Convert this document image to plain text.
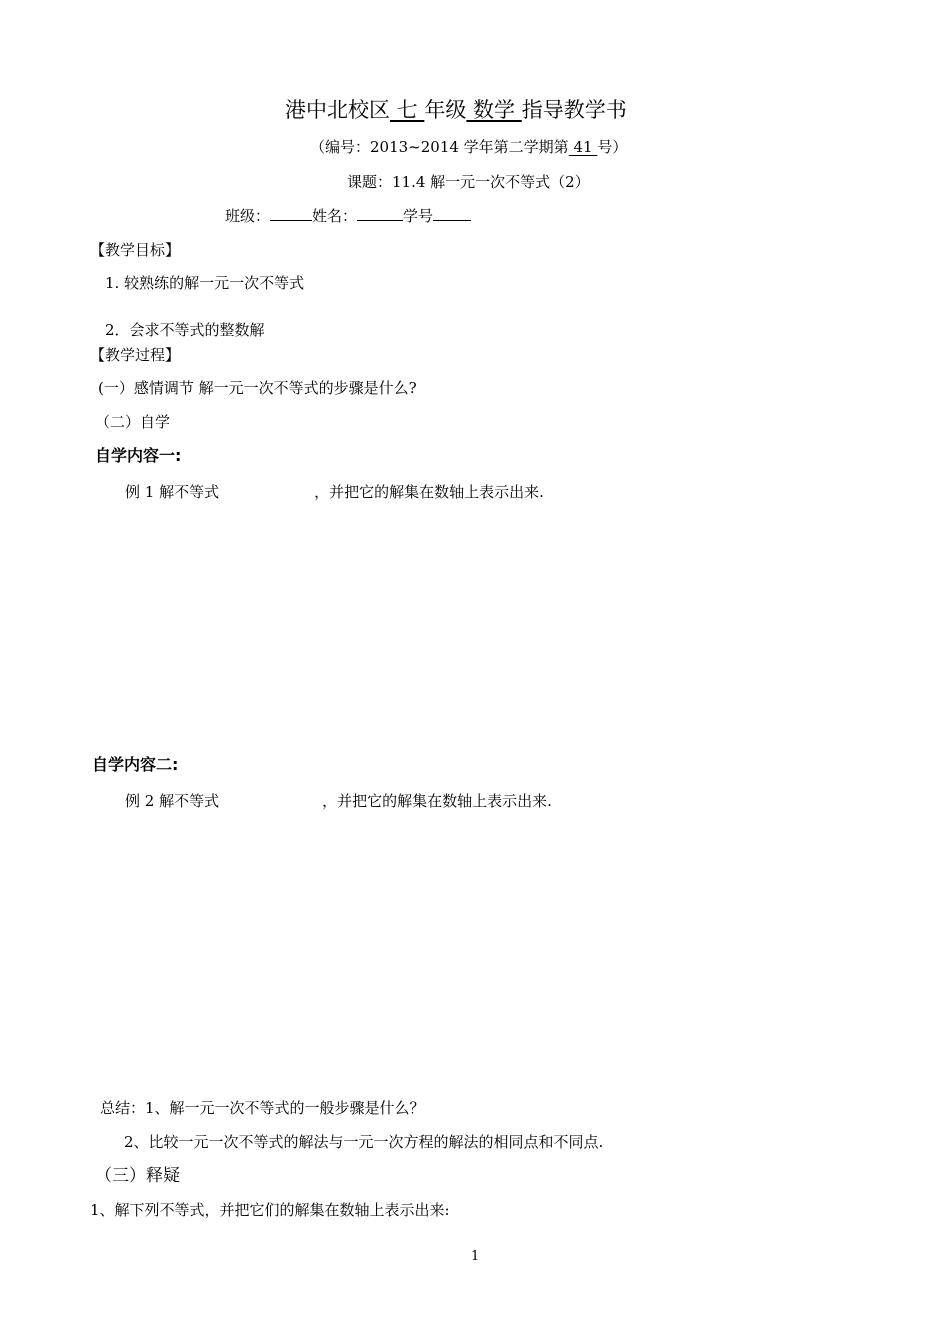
港中北校区 七 年级 数学 指导教学书
（编号：2013~2014 学年第二学期第 41 号）
课题：11.4 解一元一次不等式（2）
班级：	姓名：	学号
【教学目标】
1. 较熟练的解一元一次不等式
2．会求不等式的整数解
【教学过程】
(一）感情调节 解一元一次不等式的步骤是什么?
（二）自学
自学内容一:
例 1 解不等式	，并把它的解集在数轴上表示出来.
自学内容二:
例 2 解不等式	，并把它的解集在数轴上表示出来.
总结：1、解一元一次不等式的一般步骤是什么？
2、比较一元一次不等式的解法与一元一次方程的解法的相同点和不同点.
（三）释疑
1、解下列不等式，并把它们的解集在数轴上表示出来:
1
